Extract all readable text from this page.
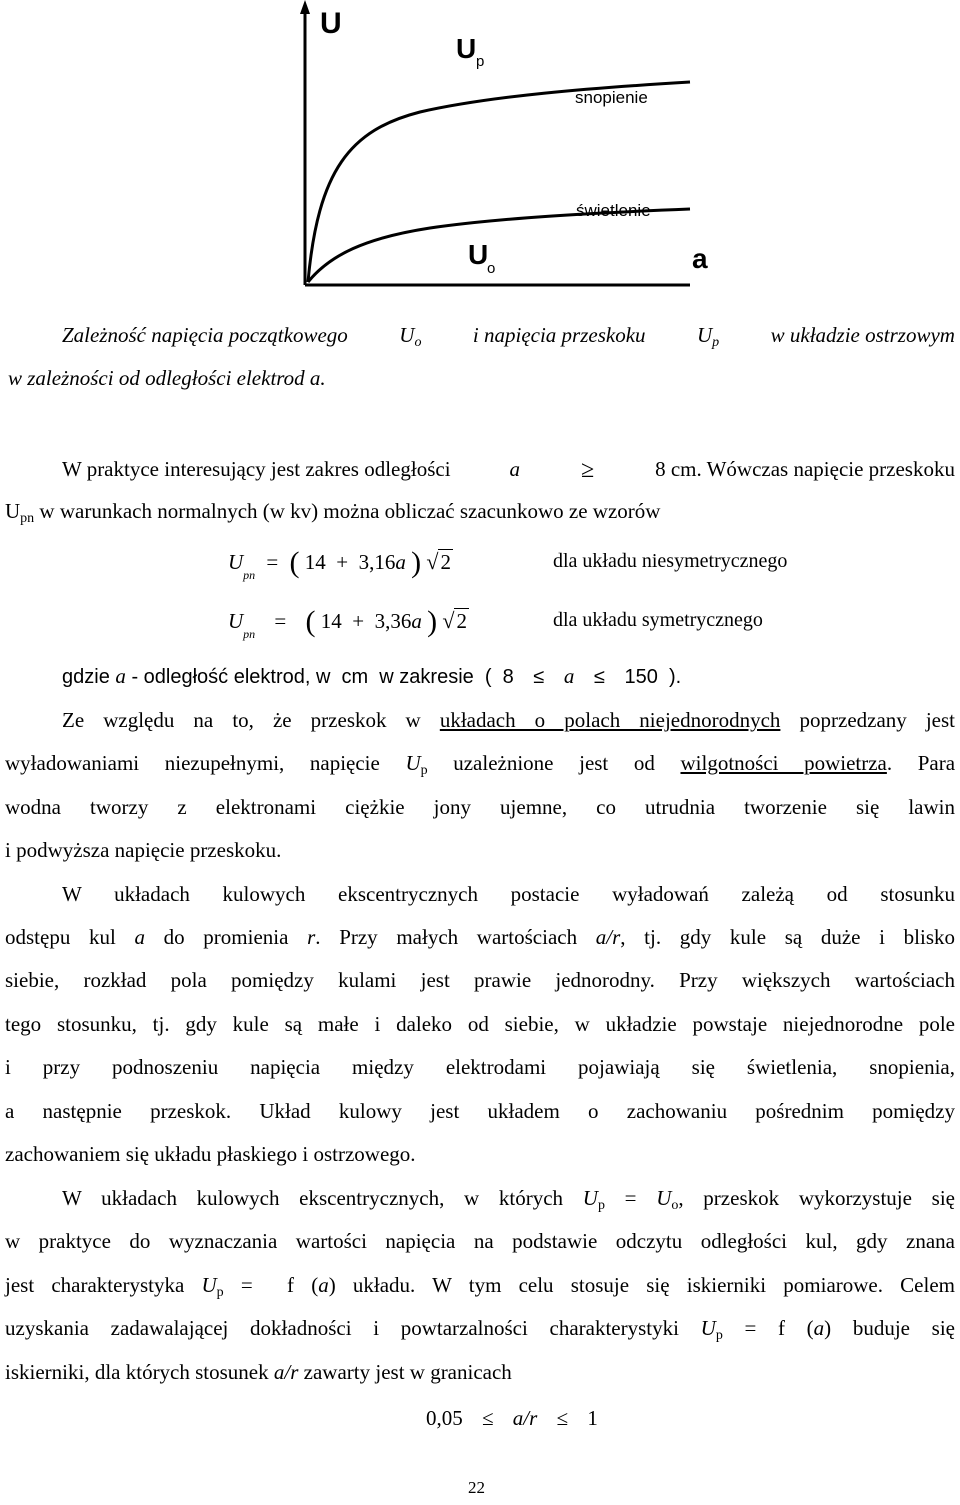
U
a
U p
U
o
snopienie
świetlenie
Zależność napięcia początkowego $U_o$ i napięcia przeskoku $U_p$ w układzie ostrzowym
w zależności od odległości elektrod a.
W praktyce interesujący jest zakres odległości	a	≥	8 cm. Wówczas napięcie przeskoku
$U_{pn}$ w warunkach normalnych (w kv) można obliczać szacunkowo ze wzorów
$U_{pn}$ = ( 14  +  3,16a ) √2	dla układu niesymetrycznego
$U_{pn}$ = ( 14  +  3,36a ) √2	dla układu symetrycznego
gdzie a - odległość elektrod, w  cm  w zakresie  (  8 ≤ a ≤ 150  ).
Ze względu na to, że przeskok w układach o polach niejednorodnych poprzedzany jest
wyładowaniami niezupełnymi, napięcie $U_p$ uzależnione jest od wilgotności powietrza. Para
wodna tworzy z elektronami ciężkie jony ujemne, co utrudnia tworzenie się lawin
i podwyższa napięcie przeskoku.
W układach kulowych ekscentrycznych postacie wyładowań zależą od stosunku
odstępu kul a do promienia r. Przy małych wartościach a/r, tj. gdy kule są duże i blisko
siebie, rozkład pola pomiędzy kulami jest prawie jednorodny. Przy większych wartościach
tego stosunku, tj. gdy kule są małe i daleko od siebie, w układzie powstaje niejednorodne pole
i przy podnoszeniu napięcia między elektrodami pojawiają się świetlenia, snopienia,
a następnie przeskok. Układ kulowy jest układem o zachowaniu pośrednim pomiędzy
zachowaniem się układu płaskiego i ostrzowego.
W układach kulowych ekscentrycznych, w których $U_p = U_o$, przeskok wykorzystuje się
w praktyce do wyznaczania wartości napięcia na podstawie odczytu odległości kul, gdy znana
jest charakterystyka $U_p = f$ (a) układu. W tym celu stosuje się iskierniki pomiarowe. Celem
uzyskania zadawalającej dokładności i powtarzalności charakterystyki $U_p = f$ (a) buduje się
iskierniki, dla których stosunek a/r zawarty jest w granicach
0,05 ≤ a/r ≤ 1
22
